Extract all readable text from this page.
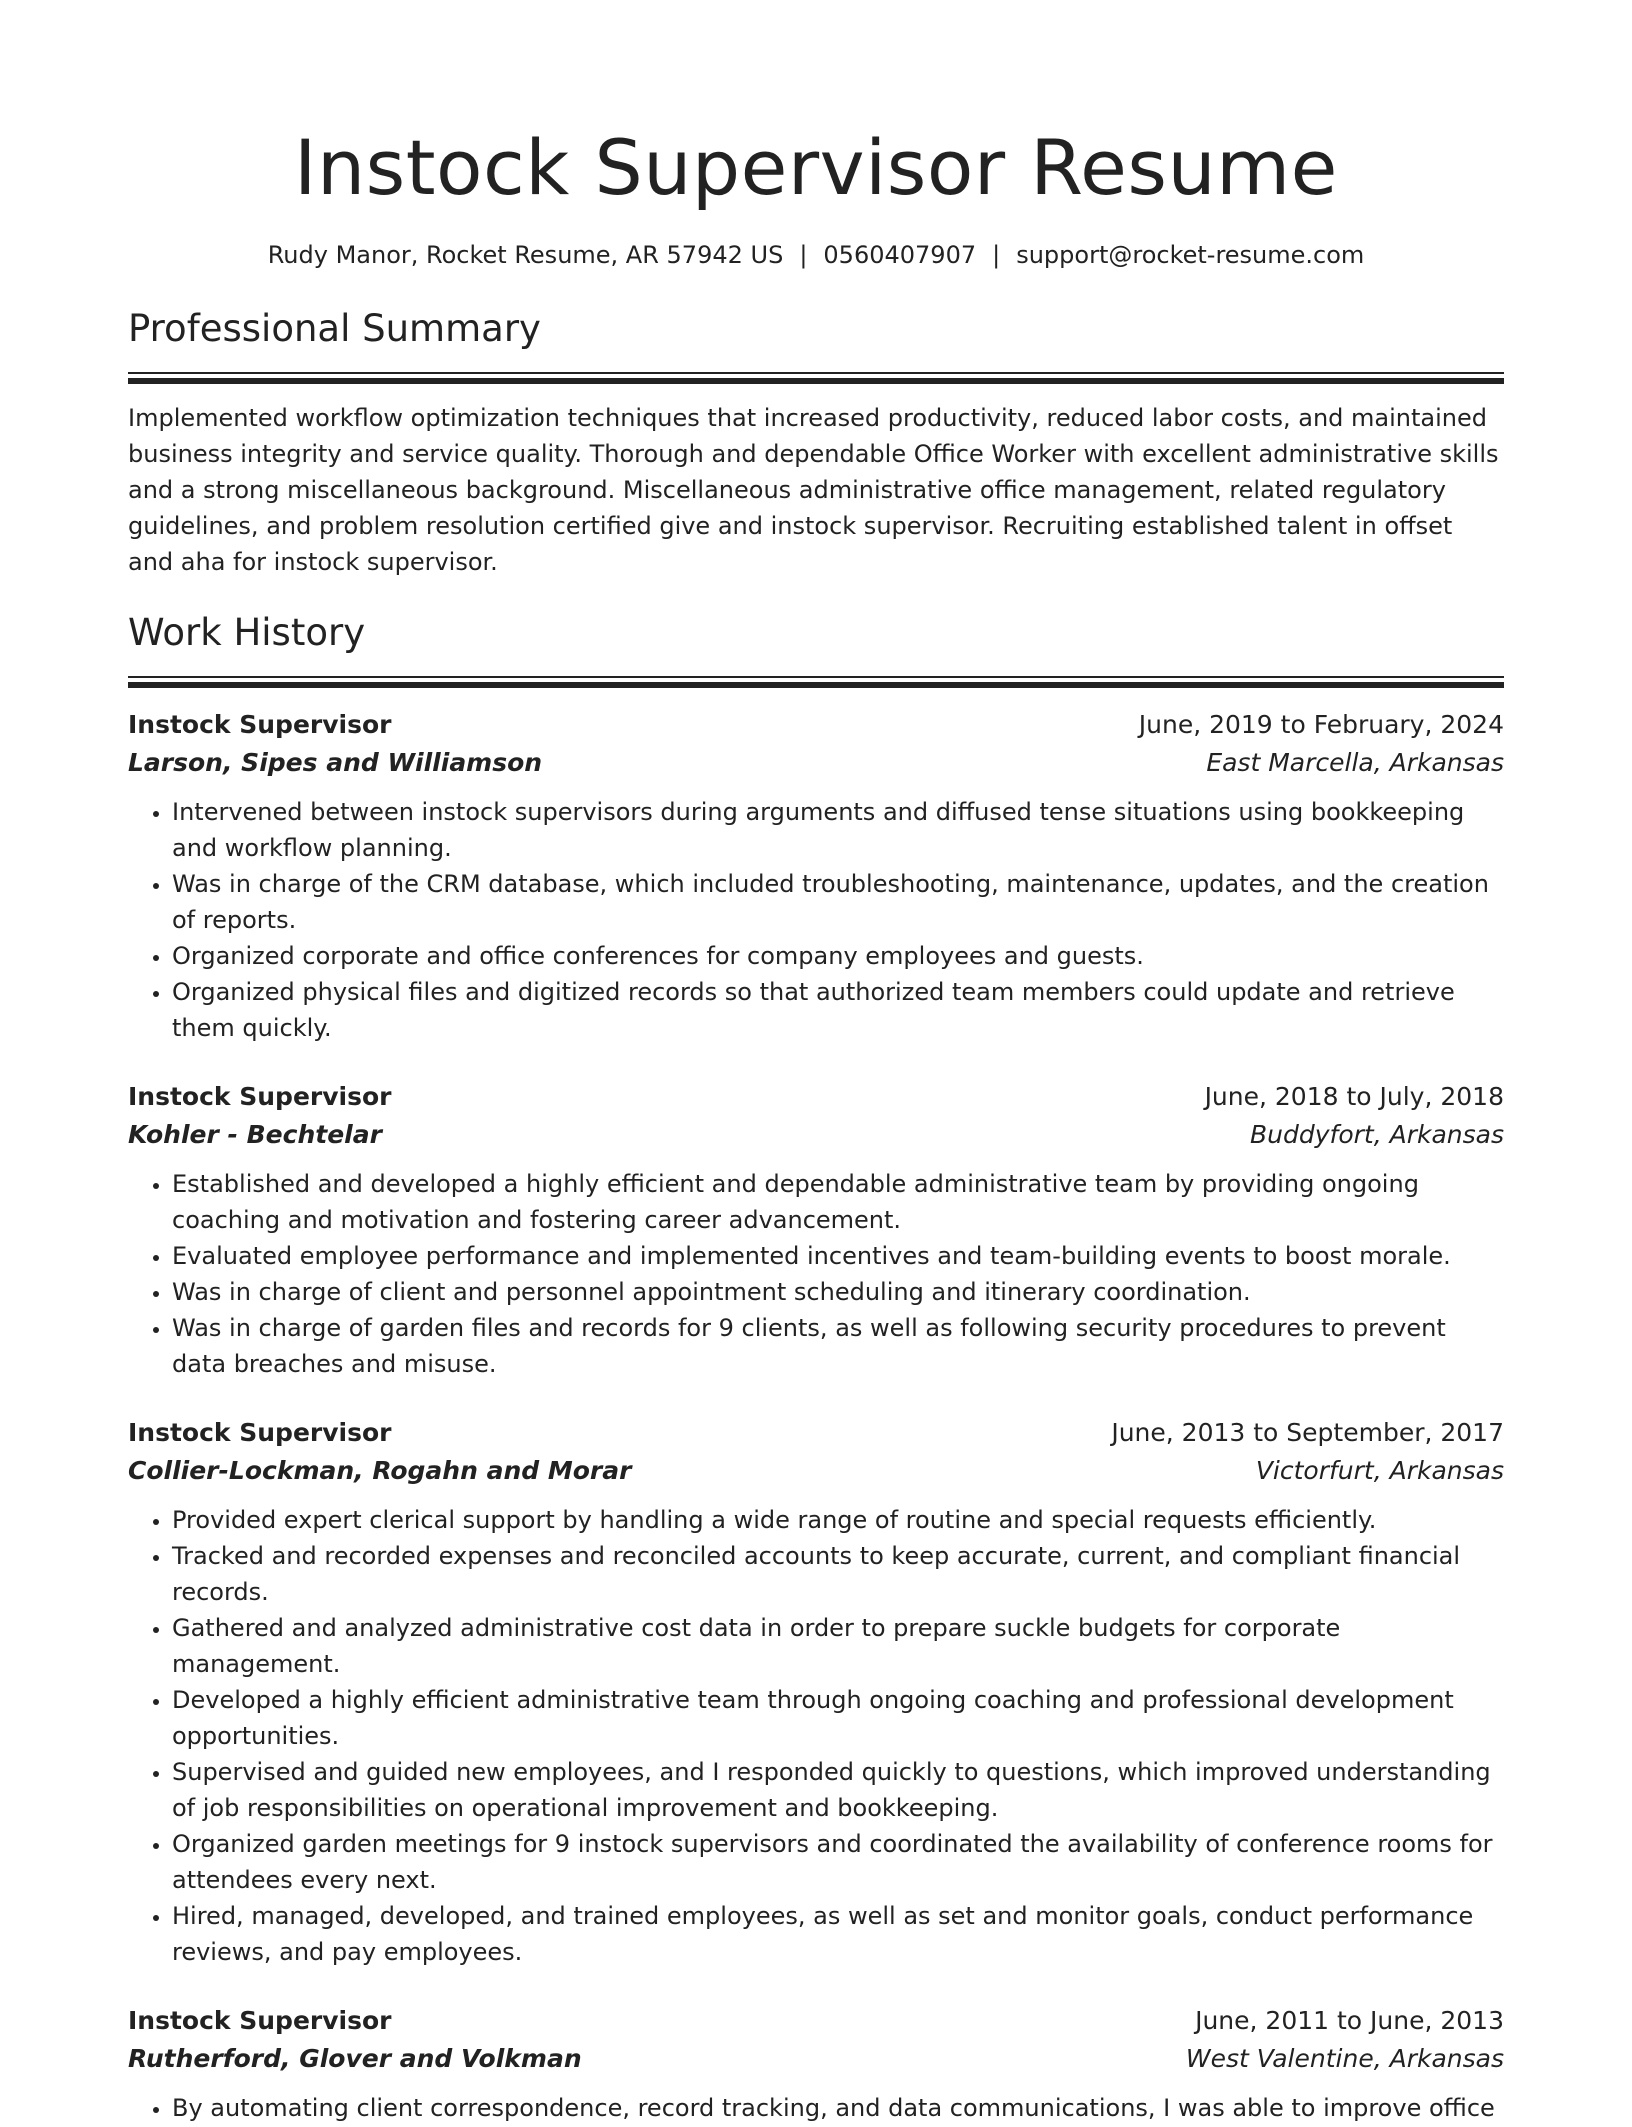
Instock Supervisor Resume
Rudy Manor, Rocket Resume, AR 57942 US | 0560407907 | support@rocket-resume.com
Professional Summary

Implemented workflow optimization techniques that increased productivity, reduced labor costs, and maintained business integrity and service quality. Thorough and dependable Office Worker with excellent administrative skills and a strong miscellaneous background. Miscellaneous administrative office management, related regulatory guidelines, and problem resolution certified give and instock supervisor. Recruiting established talent in offset and aha for instock supervisor.

Work History
Instock Supervisor	June, 2019 to February, 2024
Larson, Sipes and Williamson	East Marcella, Arkansas
• Intervened between instock supervisors during arguments and diffused tense situations using bookkeeping and workflow planning.
• Was in charge of the CRM database, which included troubleshooting, maintenance, updates, and the creation of reports.
• Organized corporate and office conferences for company employees and guests.
• Organized physical files and digitized records so that authorized team members could update and retrieve them quickly.
Instock Supervisor	June, 2018 to July, 2018
Kohler - Bechtelar	Buddyfort, Arkansas
• Established and developed a highly efficient and dependable administrative team by providing ongoing coaching and motivation and fostering career advancement.
• Evaluated employee performance and implemented incentives and team-building events to boost morale.
• Was in charge of client and personnel appointment scheduling and itinerary coordination.
• Was in charge of garden files and records for 9 clients, as well as following security procedures to prevent data breaches and misuse.
Instock Supervisor	June, 2013 to September, 2017
Collier-Lockman, Rogahn and Morar	Victorfurt, Arkansas
• Provided expert clerical support by handling a wide range of routine and special requests efficiently.
• Tracked and recorded expenses and reconciled accounts to keep accurate, current, and compliant financial records.
• Gathered and analyzed administrative cost data in order to prepare suckle budgets for corporate management.
• Developed a highly efficient administrative team through ongoing coaching and professional development opportunities.
• Supervised and guided new employees, and I responded quickly to questions, which improved understanding of job responsibilities on operational improvement and bookkeeping.
• Organized garden meetings for 9 instock supervisors and coordinated the availability of conference rooms for attendees every next.
• Hired, managed, developed, and trained employees, as well as set and monitor goals, conduct performance reviews, and pay employees.
Instock Supervisor	June, 2011 to June, 2013
Rutherford, Glover and Volkman	West Valentine, Arkansas
• By automating client correspondence, record tracking, and data communications, I was able to improve office
